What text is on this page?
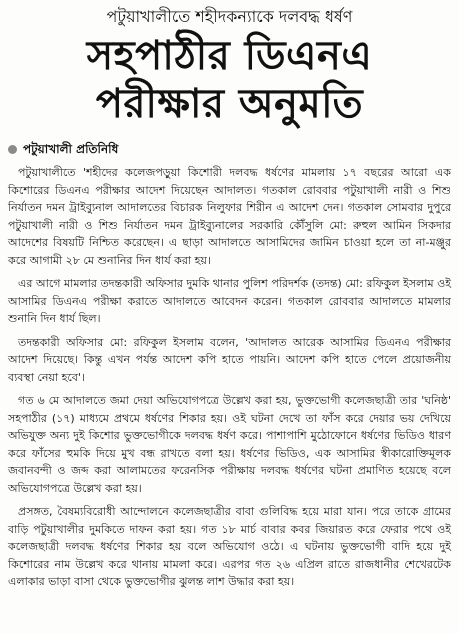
পটুয়াখালীতে শহীদকন্যাকে দলবদ্ধ ধর্ষণ
সহপাঠীর ডিএনএ
পরীক্ষার অনুমতি
পটুয়াখালী প্রতিনিধি

পটুয়াখালীতে 'শহীদের কলেজপড়ুয়া কিশোরী দলবদ্ধ ধর্ষণের মামলায় ১৭ বছরের আরো এক কিশোরের ডিএনএ পরীক্ষার আদেশ দিয়েছেন আদালত। গতকাল রোববার পটুয়াখালী নারী ও শিশু নির্যাতন দমন ট্রাইব্যুনাল আদালতের বিচারক নিলুফার শিরীন এ আদেশ দেন। গতকাল সোমবার দুপুরে পটুয়াখালী নারী ও শিশু নির্যাতন দমন ট্রাইব্যুনালের সরকারি কৌঁসুলি মো: রুহুল আমিন সিকদার আদেশের বিষয়টি নিশ্চিত করেছেন। এ ছাড়া আদালতে আসামিদের জামিন চাওয়া হলে তা না-মঞ্জুর করে আগামী ২৮ মে শুনানির দিন ধার্য করা হয়।

এর আগে মামলার তদন্তকারী অফিসার দুমকি থানার পুলিশ পরিদর্শক (তদন্ত) মো: রফিকুল ইসলাম ওই আসামির ডিএনএ পরীক্ষা করাতে আদালতে আবেদন করেন। গতকাল রোববার আদালতে মামলার শুনানি দিন ধার্য ছিল।

তদন্তকারী অফিসার মো: রফিকুল ইসলাম বলেন, 'আদালত আরেক আসামির ডিএনএ পরীক্ষার আদেশ দিয়েছে। কিন্তু এখন পর্যন্ত আদেশ কপি হাতে পায়নি। আদেশ কপি হাতে পেলে প্রয়োজনীয় ব্যবস্থা নেয়া হবে'।

গত ৬ মে আদালতে জমা দেয়া অভিযোগপত্রে উল্লেখ করা হয়, ভুক্তভোগী কলেজছাত্রী তার 'ঘনিষ্ঠ' সহপাঠীর (১৭) মাধ্যমে প্রথমে ধর্ষণের শিকার হয়। ওই ঘটনা দেখে তা ফাঁস করে দেয়ার ভয় দেখিয়ে অভিযুক্ত অন্য দুই কিশোর ভুক্তভোগীকে দলবদ্ধ ধর্ষণ করে। পাশাপাশি মুঠোফোনে ধর্ষণের ভিডিও ধারণ করে ফাঁসের হুমকি দিয়ে মুখ বন্ধ রাখতে বলা হয়। ধর্ষণের ভিডিও, এক আসামির স্বীকারোক্তিমূলক জবানবন্দী ও জব্দ করা আলামতের ফরেনসিক পরীক্ষায় দলবদ্ধ ধর্ষণের ঘটনা প্রমাণিত হয়েছে বলে অভিযোগপত্রে উল্লেখ করা হয়।

প্রসঙ্গত, বৈষম্যবিরোধী আন্দোলনে কলেজছাত্রীর বাবা গুলিবিদ্ধ হয়ে মারা যান। পরে তাকে গ্রামের বাড়ি পটুয়াখালীর দুমকিতে দাফন করা হয়। গত ১৮ মার্চ বাবার কবর জিয়ারত করে ফেরার পথে ওই কলেজছাত্রী দলবদ্ধ ধর্ষণের শিকার হয় বলে অভিযোগ ওঠে। এ ঘটনায় ভুক্তভোগী বাদি হয়ে দুই কিশোরের নাম উল্লেখ করে থানায় মামলা করে। এরপর গত ২৬ এপ্রিল রাতে রাজধানীর শেখেরটেক এলাকার ভাড়া বাসা থেকে ভুক্তভোগীর ঝুলন্ত লাশ উদ্ধার করা হয়।
